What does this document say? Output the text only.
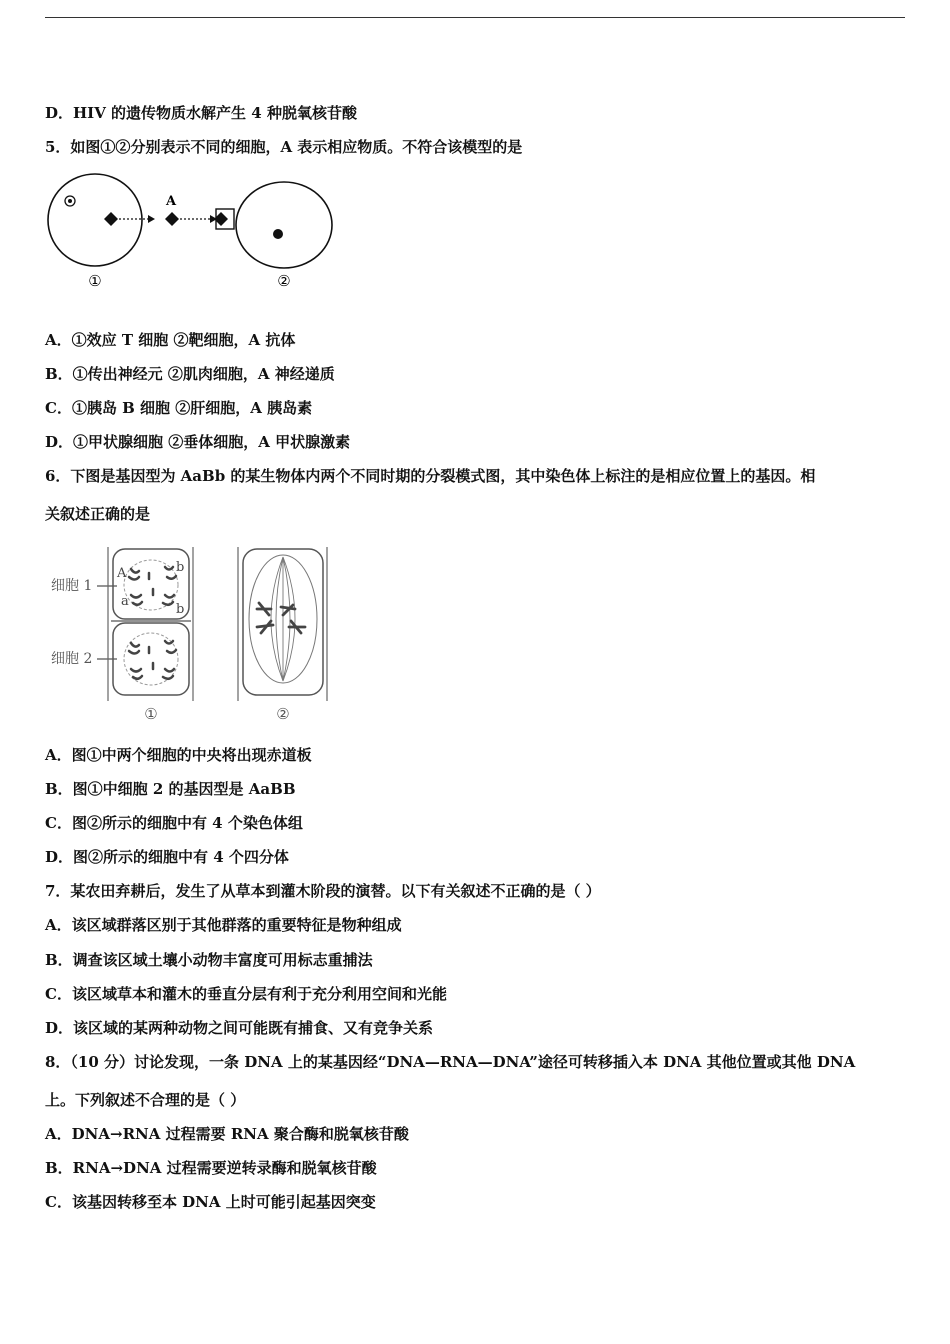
D．HIV 的遗传物质水解产生 4 种脱氧核苷酸
5．如图①②分别表示不同的细胞，A 表示相应物质。不符合该模型的是
A
①	②
A．①效应 T 细胞 ②靶细胞，A 抗体
B．①传出神经元 ②肌肉细胞，A 神经递质
C．①胰岛 B 细胞 ②肝细胞，A 胰岛素
D．①甲状腺细胞 ②垂体细胞，A 甲状腺激素
6．下图是基因型为 AaBb 的某生物体内两个不同时期的分裂模式图，其中染色体上标注的是相应位置上的基因。相
关叙述正确的是
细胞 1
细胞 2
A
a
b
b
①	②
A．图①中两个细胞的中央将出现赤道板
B．图①中细胞 2 的基因型是 AaBB
C．图②所示的细胞中有 4 个染色体组
D．图②所示的细胞中有 4 个四分体
7．某农田弃耕后，发生了从草本到灌木阶段的演替。以下有关叙述不正确的是（ ）
A．该区域群落区别于其他群落的重要特征是物种组成
B．调查该区域土壤小动物丰富度可用标志重捕法
C．该区域草本和灌木的垂直分层有利于充分利用空间和光能
D．该区域的某两种动物之间可能既有捕食、又有竞争关系
8．（10 分）讨论发现，一条 DNA 上的某基因经“DNA—RNA—DNA”途径可转移插入本 DNA 其他位置或其他 DNA
上。下列叙述不合理的是（ ）
A．DNA→RNA 过程需要 RNA 聚合酶和脱氧核苷酸
B．RNA→DNA 过程需要逆转录酶和脱氧核苷酸
C．该基因转移至本 DNA 上时可能引起基因突变
